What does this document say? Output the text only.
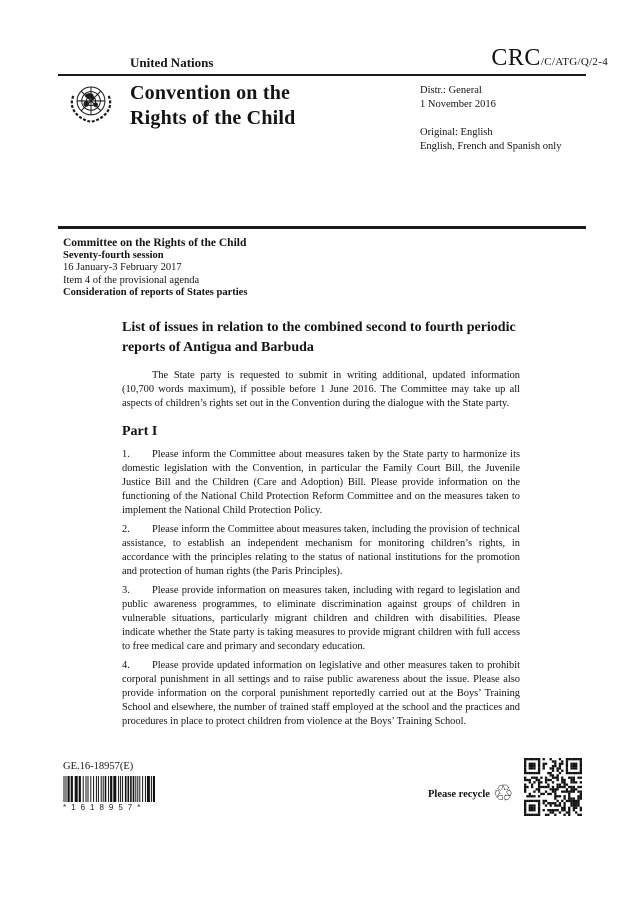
United Nations	CRC/C/ATG/Q/2-4
Convention on the
Rights of the Child
Distr.: General
1 November 2016
Original: English
English, French and Spanish only
Committee on the Rights of the Child
Seventy-fourth session
16 January-3 February 2017
Item 4 of the provisional agenda
Consideration of reports of States parties
List of issues in relation to the combined second to fourth periodic reports of Antigua and Barbuda

The State party is requested to submit in writing additional, updated information (10,700 words maximum), if possible before 1 June 2016. The Committee may take up all aspects of children’s rights set out in the Convention during the dialogue with the State party.

Part I

1. Please inform the Committee about measures taken by the State party to harmonize its domestic legislation with the Convention, in particular the Family Court Bill, the Juvenile Justice Bill and the Children (Care and Adoption) Bill. Please provide information on the functioning of the National Child Protection Reform Committee and on the measures taken to implement the National Child Protection Policy.

2. Please inform the Committee about measures taken, including the provision of technical assistance, to establish an independent mechanism for monitoring children’s rights, in accordance with the principles relating to the status of national institutions for the promotion and protection of human rights (the Paris Principles).

3. Please provide information on measures taken, including with regard to legislation and public awareness programmes, to eliminate discrimination against groups of children in vulnerable situations, particularly migrant children and children with disabilities. Please indicate whether the State party is taking measures to provide migrant children with full access to free medical care and primary and secondary education.

4. Please provide updated information on legislative and other measures taken to prohibit corporal punishment in all settings and to raise public awareness about the issue. Please also provide information on the corporal punishment reportedly carried out at the Boys’ Training School and elsewhere, the number of trained staff employed at the school and the practices and procedures in place to protect children from violence at the Boys’ Training School.

GE.16-18957(E)
*1618957*
Please recycle ♲
